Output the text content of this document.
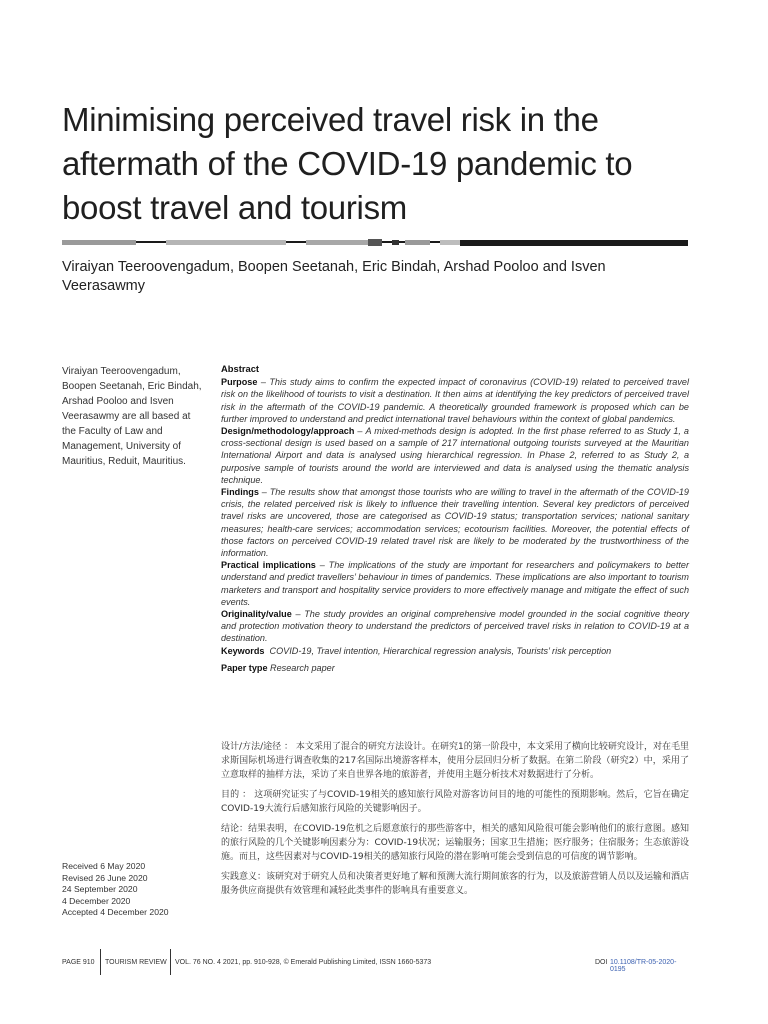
Minimising perceived travel risk in the aftermath of the COVID-19 pandemic to boost travel and tourism
Viraiyan Teeroovengadum, Boopen Seetanah, Eric Bindah, Arshad Pooloo and Isven Veerasawmy
Viraiyan Teeroovengadum, Boopen Seetanah, Eric Bindah, Arshad Pooloo and Isven Veerasawmy are all based at the Faculty of Law and Management, University of Mauritius, Reduit, Mauritius.
Received 6 May 2020
Revised 26 June 2020
24 September 2020
4 December 2020
Accepted 4 December 2020
Abstract

Purpose – This study aims to confirm the expected impact of coronavirus (COVID-19) related to perceived travel risk on the likelihood of tourists to visit a destination. It then aims at identifying the key predictors of perceived travel risk in the aftermath of the COVID-19 pandemic. A theoretically grounded framework is proposed which can be further improved to understand and predict international travel behaviours within the context of global pandemics.

Design/methodology/approach – A mixed-methods design is adopted. In the first phase referred to as Study 1, a cross-sectional design is used based on a sample of 217 international outgoing tourists surveyed at the Mauritian International Airport and data is analysed using hierarchical regression. In Phase 2, referred to as Study 2, a purposive sample of tourists around the world are interviewed and data is analysed using the thematic analysis technique.

Findings – The results show that amongst those tourists who are willing to travel in the aftermath of the COVID-19 crisis, the related perceived risk is likely to influence their travelling intention. Several key predictors of perceived travel risks are uncovered, those are categorised as COVID-19 status; transportation services; national sanitary measures; health-care services; accommodation services; ecotourism facilities. Moreover, the potential effects of those factors on perceived COVID-19 related travel risk are likely to be moderated by the trustworthiness of the information.

Practical implications – The implications of the study are important for researchers and policymakers to better understand and predict travellers’ behaviour in times of pandemics. These implications are also important to tourism marketers and transport and hospitality service providers to more effectively manage and mitigate the effect of such events.

Originality/value – The study provides an original comprehensive model grounded in the social cognitive theory and protection motivation theory to understand the predictors of perceived travel risks in relation to COVID-19 at a destination.

Keywords COVID-19, Travel intention, Hierarchical regression analysis, Tourists’ risk perception

Paper type Research paper

设计/方法/途径 ： 本文采用了混合的研究方法设计。在研究1的第一阶段中，本文采用了横向比较研究设计，对在毛里求斯国际机场进行调查收集的217名国际出境游客样本，使用分层回归分析了数据。在第二阶段（研究2）中，采用了立意取样的抽样方法，采访了来自世界各地的旅游者，并使用主题分析技术对数据进行了分析。

目的 ： 这项研究证实了与COVID-19相关的感知旅行风险对游客访问目的地的可能性的预期影响。然后，它旨在确定COVID-19大流行后感知旅行风险的关键影响因子。

结论：结果表明，在COVID-19危机之后愿意旅行的那些游客中，相关的感知风险很可能会影响他们的旅行意图。感知的旅行风险的几个关键影响因素分为：COVID-19状况；运输服务；国家卫生措施；医疗服务；住宿服务；生态旅游设施。而且，这些因素对与COVID-19相关的感知旅行风险的潜在影响可能会受到信息的可信度的调节影响。

实践意义：该研究对于研究人员和决策者更好地了解和预测大流行期间旅客的行为，以及旅游营销人员以及运输和酒店服务供应商提供有效管理和减轻此类事件的影响具有重要意义。

PAGE 910 TOURISM REVIEW VOL. 76 NO. 4 2021, pp. 910-928, © Emerald Publishing Limited, ISSN 1660-5373	DOI 10.1108/TR-05-2020-0195
